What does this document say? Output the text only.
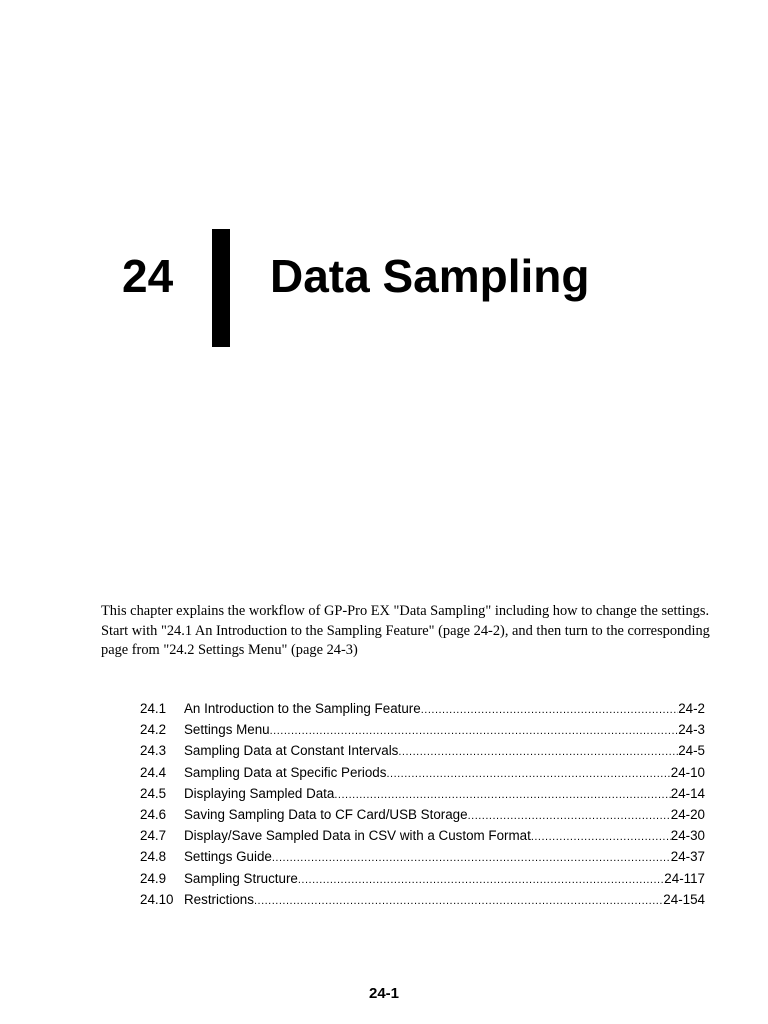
24 Data Sampling

This chapter explains the workflow of GP-Pro EX "Data Sampling" including how to change the settings.

Start with "24.1 An Introduction to the Sampling Feature" (page 24-2), and then turn to the corresponding page from "24.2 Settings Menu" (page 24-3)

24.1	An Introduction to the Sampling Feature .....	24-2
24.2	Settings Menu .....	24-3
24.3	Sampling Data at Constant Intervals .....	24-5
24.4	Sampling Data at Specific Periods .....	24-10
24.5	Displaying Sampled Data .....	24-14
24.6	Saving Sampling Data to CF Card/USB Storage .....	24-20
24.7	Display/Save Sampled Data in CSV with a Custom Format .....	24-30
24.8	Settings Guide .....	24-37
24.9	Sampling Structure .....	24-117
24.10 Restrictions .....	24-154
24-1
